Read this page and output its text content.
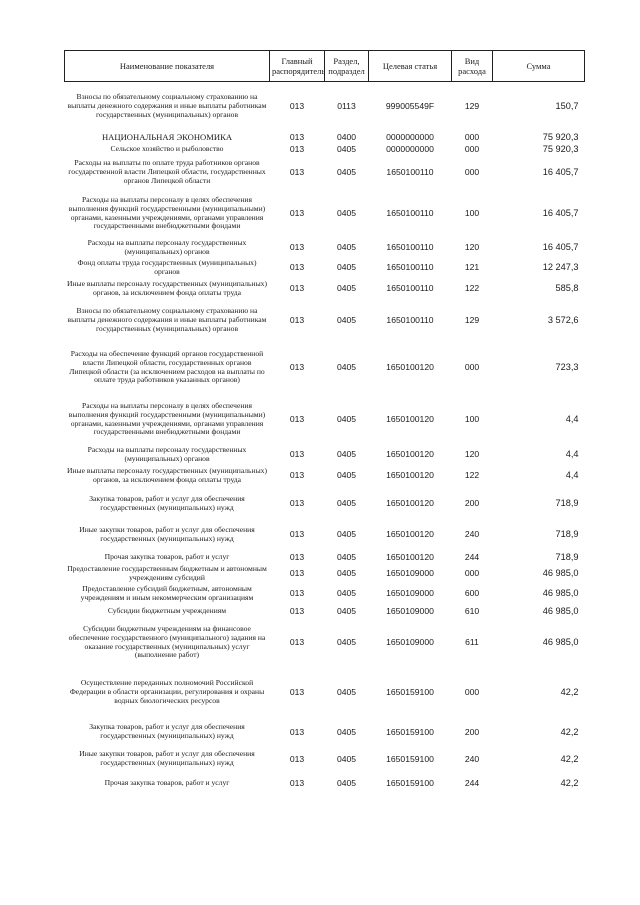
Наименование показателя	Главный распорядитель	Раздел, подраздел	Целевая статья	Вид расхода	Сумма
Взносы по обязательному социальному страхованию на выплаты денежного содержания и иные выплаты работникам государственных (муниципальных) органов	013	0113	999005549F	129	150,7
НАЦИОНАЛЬНАЯ ЭКОНОМИКА	013	0400	0000000000	000	75 920,3
Сельское хозяйство и рыболовство	013	0405	0000000000	000	75 920,3
Расходы на выплаты по оплате труда работников органов государственной власти Липецкой области, государственных органов Липецкой области	013	0405	1650100110	000	16 405,7
Расходы на выплаты персоналу в целях обеспечения выполнения функций государственными (муниципальными) органами, казенными учреждениями, органами управления государственными внебюджетными фондами	013	0405	1650100110	100	16 405,7
Расходы на выплаты персоналу государственных (муниципальных) органов	013	0405	1650100110	120	16 405,7
Фонд оплаты труда государственных (муниципальных) органов	013	0405	1650100110	121	12 247,3
Иные выплаты персоналу государственных (муниципальных) органов, за исключением фонда оплаты труда	013	0405	1650100110	122	585,8
Взносы по обязательному социальному страхованию на выплаты денежного содержания и иные выплаты работникам государственных (муниципальных) органов	013	0405	1650100110	129	3 572,6
Расходы на обеспечение функций органов государственной власти Липецкой области, государственных органов Липецкой области (за исключением расходов на выплаты по оплате труда работников указанных органов)	013	0405	1650100120	000	723,3
Расходы на выплаты персоналу в целях обеспечения выполнения функций государственными (муниципальными) органами, казенными учреждениями, органами управления государственными внебюджетными фондами	013	0405	1650100120	100	4,4
Расходы на выплаты персоналу государственных (муниципальных) органов	013	0405	1650100120	120	4,4
Иные выплаты персоналу государственных (муниципальных) органов, за исключением фонда оплаты труда	013	0405	1650100120	122	4,4
Закупка товаров, работ и услуг для обеспечения государственных (муниципальных) нужд	013	0405	1650100120	200	718,9
Иные закупки товаров, работ и услуг для обеспечения государственных (муниципальных) нужд	013	0405	1650100120	240	718,9
Прочая закупка товаров, работ и услуг	013	0405	1650100120	244	718,9
Предоставление государственным бюджетным и автономным учреждениям субсидий	013	0405	1650109000	000	46 985,0
Предоставление субсидий бюджетным, автономным учреждениям и иным некоммерческим организациям	013	0405	1650109000	600	46 985,0
Субсидии бюджетным учреждениям	013	0405	1650109000	610	46 985,0
Субсидии бюджетным учреждениям на финансовое обеспечение государственного (муниципального) задания на оказание государственных (муниципальных) услуг (выполнение работ)	013	0405	1650109000	611	46 985,0
Осуществление переданных полномочий Российской Федерации в области организации, регулирования и охраны водных биологических ресурсов	013	0405	1650159100	000	42,2
Закупка товаров, работ и услуг для обеспечения государственных (муниципальных) нужд	013	0405	1650159100	200	42,2
Иные закупки товаров, работ и услуг для обеспечения государственных (муниципальных) нужд	013	0405	1650159100	240	42,2
Прочая закупка товаров, работ и услуг	013	0405	1650159100	244	42,2
